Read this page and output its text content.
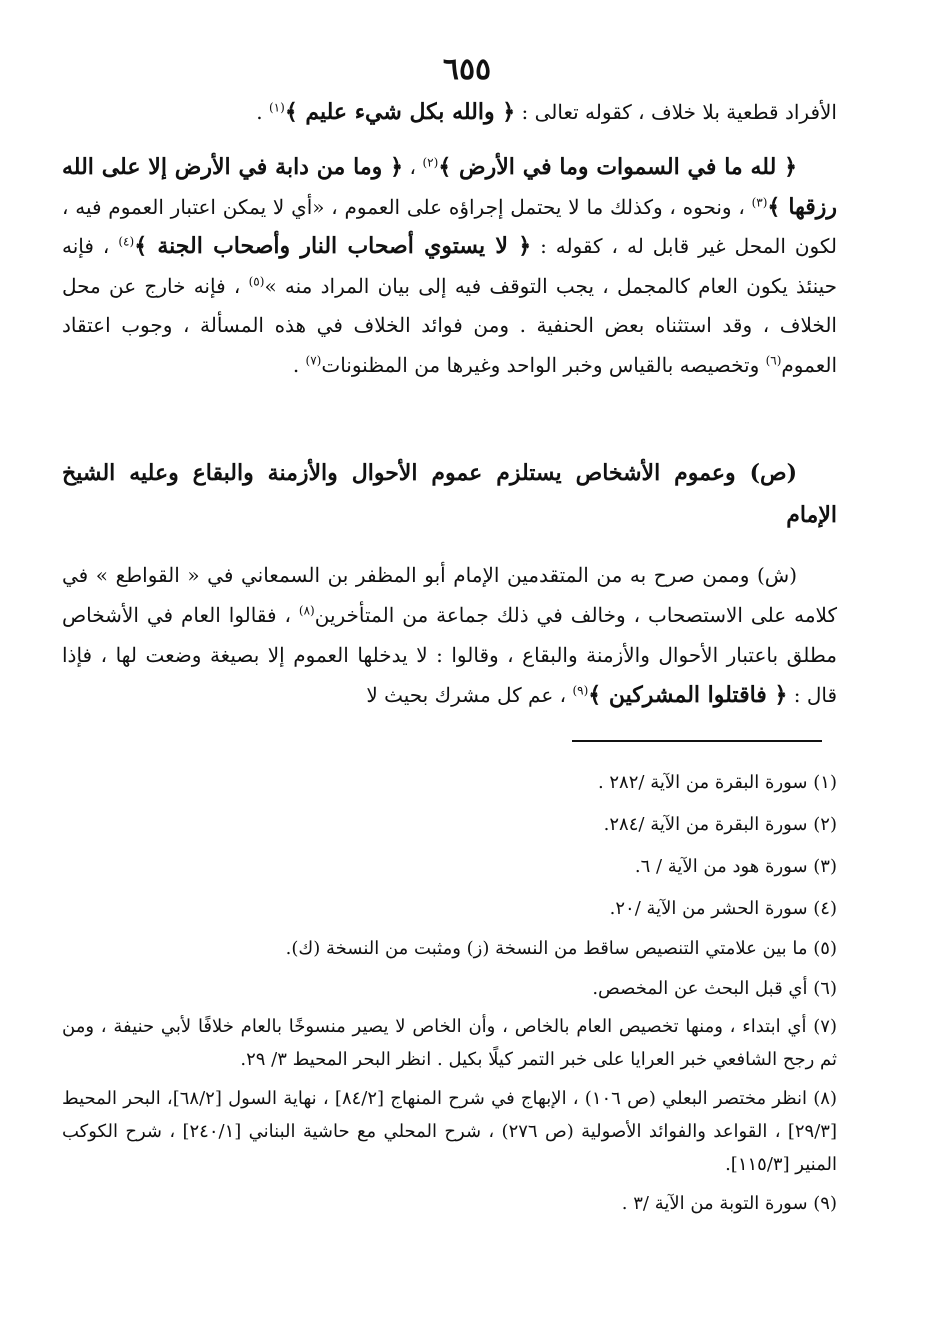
٦٥٥

الأفراد قطعية بلا خلاف ، كقوله تعالى : ﴿ والله بكل شيء عليم ﴾$^{(١)}$ .

﴿ لله ما في السموات وما في الأرض ﴾$^{(٢)}$ ، ﴿ وما من دابة في الأرض إلا على الله رزقها ﴾$^{(٣)}$ ، ونحوه ، وكذلك ما لا يحتمل إجراؤه على العموم ، «أي لا يمكن اعتبار العموم فيه ، لكون المحل غير قابل له ، كقوله : ﴿ لا يستوي أصحاب النار وأصحاب الجنة ﴾$^{(٤)}$ ، فإنه حينئذ يكون العام كالمجمل ، يجب التوقف فيه إلى بيان المراد منه »$^{(٥)}$ ، فإنه خارج عن محل الخلاف ، وقد استثناه بعض الحنفية . ومن فوائد الخلاف في هذه المسألة ، وجوب اعتقاد العموم$^{(٦)}$ وتخصيصه بالقياس وخبر الواحد وغيرها من المظنونات$^{(٧)}$ .

(ص) وعموم الأشخاص يستلزم عموم الأحوال والأزمنة والبقاع وعليه الشيخ الإمام

(ش) وممن صرح به من المتقدمين الإمام أبو المظفر بن السمعاني في « القواطع » في كلامه على الاستصحاب ، وخالف في ذلك جماعة من المتأخرين$^{(٨)}$ ، فقالوا العام في الأشخاص مطلق باعتبار الأحوال والأزمنة والبقاع ، وقالوا : لا يدخلها العموم إلا بصيغة وضعت لها ، فإذا قال : ﴿ فاقتلوا المشركين ﴾$^{(٩)}$ ، عم كل مشرك بحيث لا

(١) سورة البقرة من الآية /٢٨٢ .

(٢) سورة البقرة من الآية /٢٨٤.

(٣) سورة هود من الآية / ٦.

(٤) سورة الحشر من الآية /٢٠.

(٥) ما بين علامتي التنصيص ساقط من النسخة (ز) ومثبت من النسخة (ك).

(٦) أي قبل البحث عن المخصص.

(٧) أي ابتداء ، ومنها تخصيص العام بالخاص ، وأن الخاص لا يصير منسوخًا بالعام خلافًا لأبي حنيفة ، ومن ثم رجح الشافعي خبر العرايا على خبر التمر كيلًا بكيل . انظر البحر المحيط ٣/ ٢٩.

(٨) انظر مختصر البعلي (ص ١٠٦) ، الإبهاج في شرح المنهاج [٨٤/٢] ، نهاية السول [٦٨/٢]، البحر المحيط [٢٩/٣] ، القواعد والفوائد الأصولية (ص ٢٧٦) ، شرح المحلي مع حاشية البناني [٢٤٠/١] ، شرح الكوكب المنير [١١٥/٣].

(٩) سورة التوبة من الآية /٣ .
